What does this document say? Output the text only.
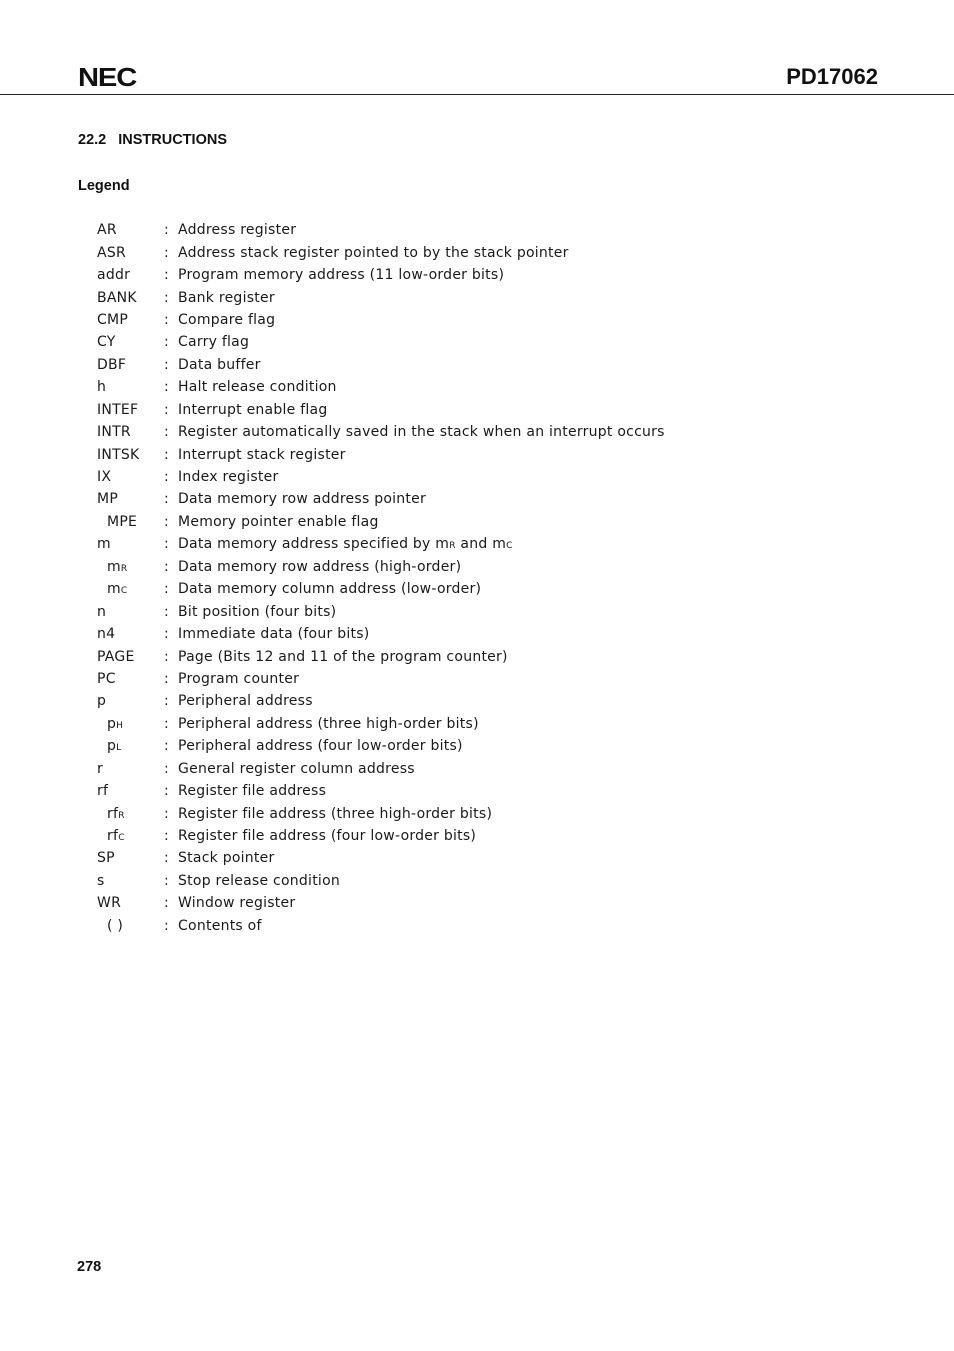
NEC	PD17062
22.2 INSTRUCTIONS
Legend
AR	: Address register
ASR	: Address stack register pointed to by the stack pointer
addr	: Program memory address (11 low-order bits)
BANK	: Bank register
CMP	: Compare flag
CY	: Carry flag
DBF	: Data buffer
h	: Halt release condition
INTEF	: Interrupt enable flag
INTR	: Register automatically saved in the stack when an interrupt occurs
INTSK	: Interrupt stack register
IX	: Index register
MP	: Data memory row address pointer
MPE	: Memory pointer enable flag
m	: Data memory address specified by mR and mC
mR	: Data memory row address (high-order)
mC	: Data memory column address (low-order)
n	: Bit position (four bits)
n4	: Immediate data (four bits)
PAGE	: Page (Bits 12 and 11 of the program counter)
PC	: Program counter
p	: Peripheral address
pH	: Peripheral address (three high-order bits)
pL	: Peripheral address (four low-order bits)
r	: General register column address
rf	: Register file address
rfR	: Register file address (three high-order bits)
rfC	: Register file address (four low-order bits)
SP	: Stack pointer
s	: Stop release condition
WR	: Window register
( )	: Contents of
278
